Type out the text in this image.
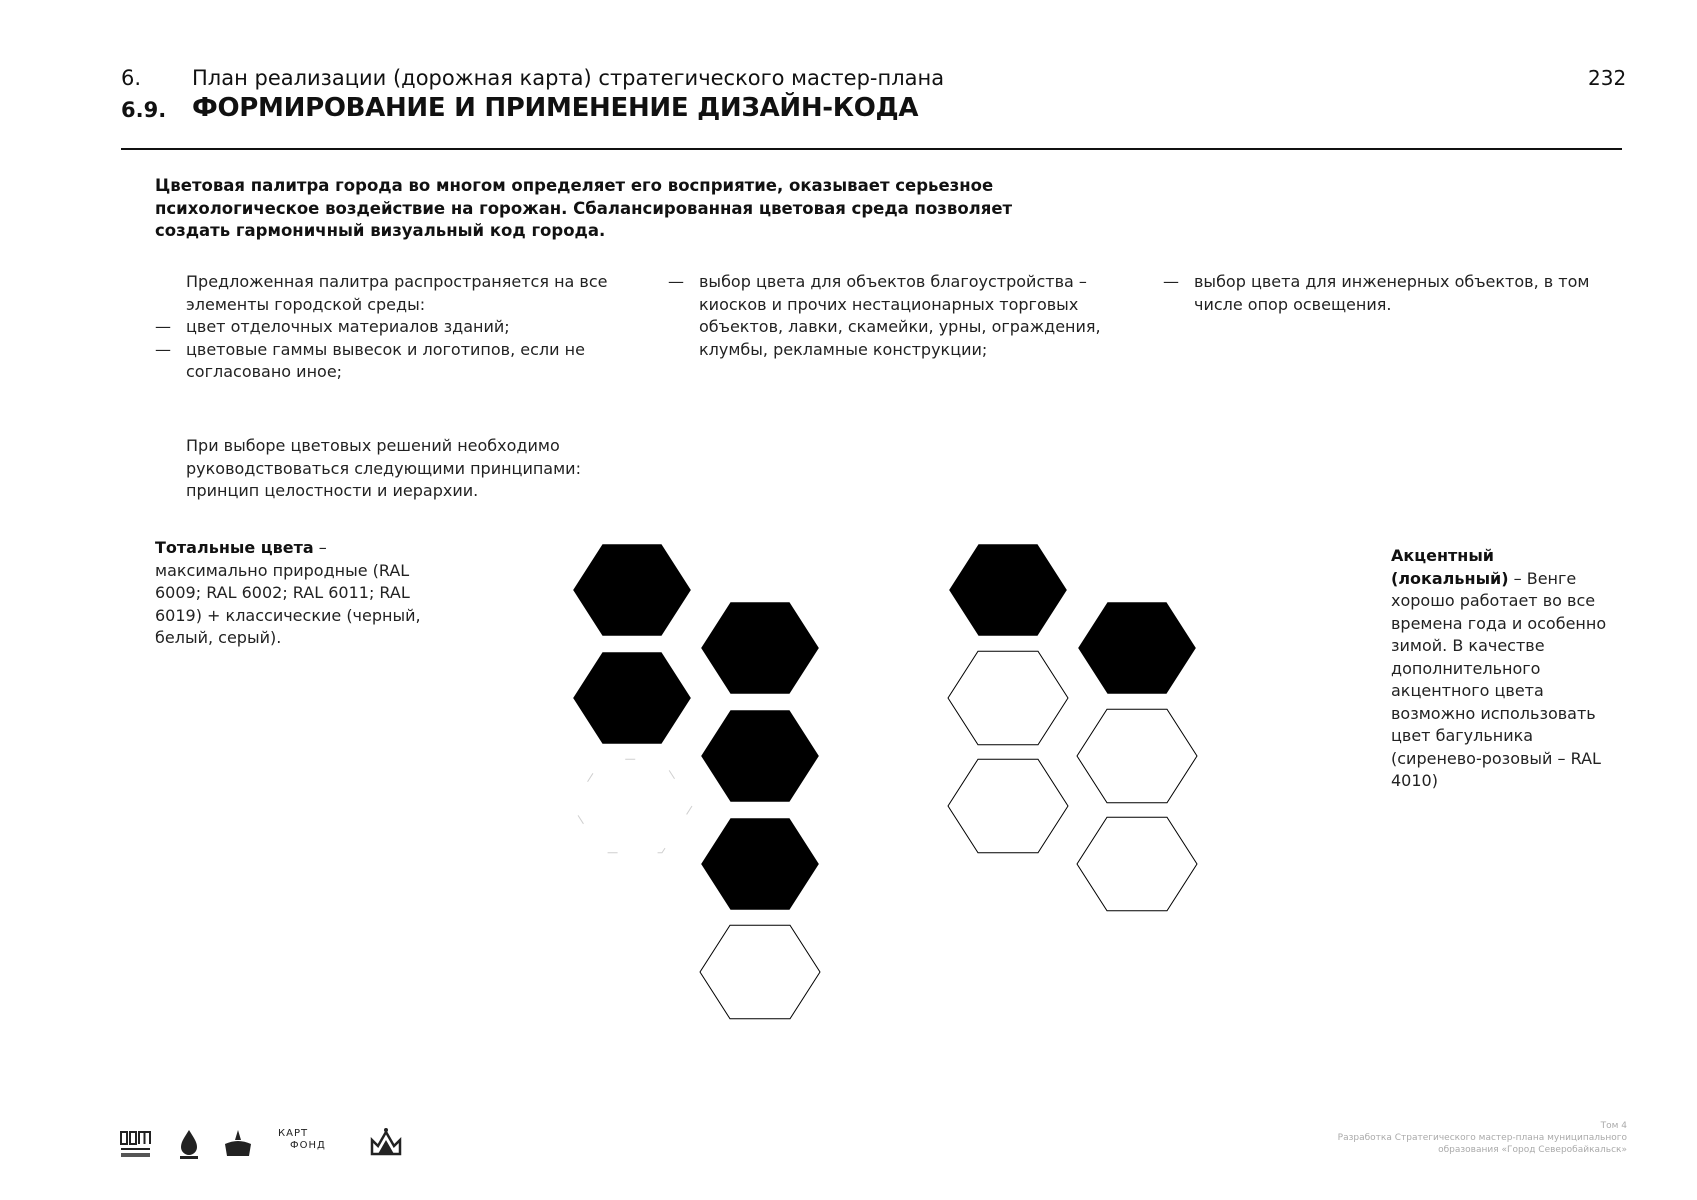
6. План реализации (дорожная карта) стратегического мастер-плана
6.9. ФОРМИРОВАНИЕ И ПРИМЕНЕНИЕ ДИЗАЙН-КОДА
232
Цветовая палитра города во многом определяет его восприятие, оказывает серьезное психологическое воздействие на горожан. Сбалансированная цветовая среда позволяет создать гармоничный визуальный код города.

Предложенная палитра распространяется на все элементы городской среды:

— цвет отделочных материалов зданий;
— цветовые гаммы вывесок и логотипов, если не согласовано иное;
— выбор цвета для объектов благоустройства – киосков и прочих нестационарных торговых объектов, лавки, скамейки, урны, ограждения, клумбы, рекламные конструкции;
— выбор цвета для инженерных объектов, в том числе опор освещения.
При выборе цветовых решений необходимо руководствоваться следующими принципами: принцип целостности и иерархии.
Тотальные цвета – максимально природные (RAL 6009; RAL 6002; RAL 6011; RAL 6019) + классические (черный, белый, серый).
Акцентный (локальный) – Венге хорошо работает во все времена года и особенно зимой. В качестве дополнительного акцентного цвета возможно использовать цвет багульника (сиренево-розовый – RAL 4010)
КАРТ
ФОНД
Том 4
Разработка Стратегического мастер-плана муниципального
образования «Город Северобайкальск»
